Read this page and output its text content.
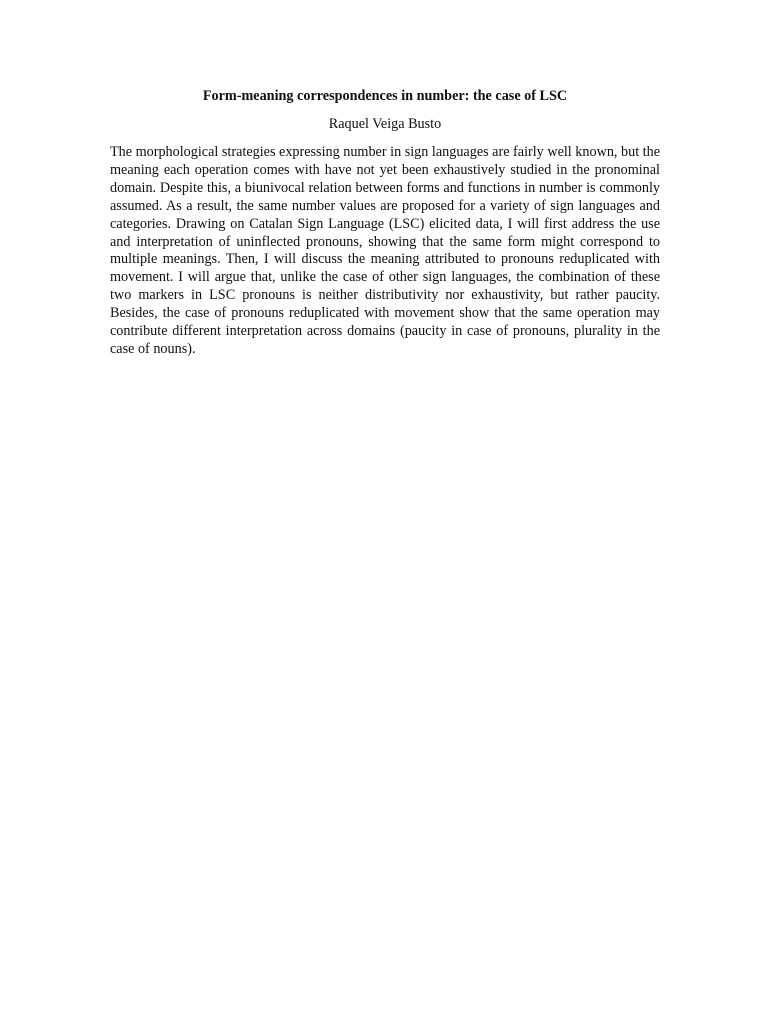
Form-meaning correspondences in number: the case of LSC

Raquel Veiga Busto

The morphological strategies expressing number in sign languages are fairly well known, but the meaning each operation comes with have not yet been exhaustively studied in the pronominal domain. Despite this, a biunivocal relation between forms and functions in number is commonly assumed. As a result, the same number values are proposed for a variety of sign languages and categories. Drawing on Catalan Sign Language (LSC) elicited data, I will first address the use and interpretation of uninflected pronouns, showing that the same form might correspond to multiple meanings. Then, I will discuss the meaning attributed to pronouns reduplicated with movement. I will argue that, unlike the case of other sign languages, the combination of these two markers in LSC pronouns is neither distributivity nor exhaustivity, but rather paucity. Besides, the case of pronouns reduplicated with movement show that the same operation may contribute different interpretation across domains (paucity in case of pronouns, plurality in the case of nouns).
